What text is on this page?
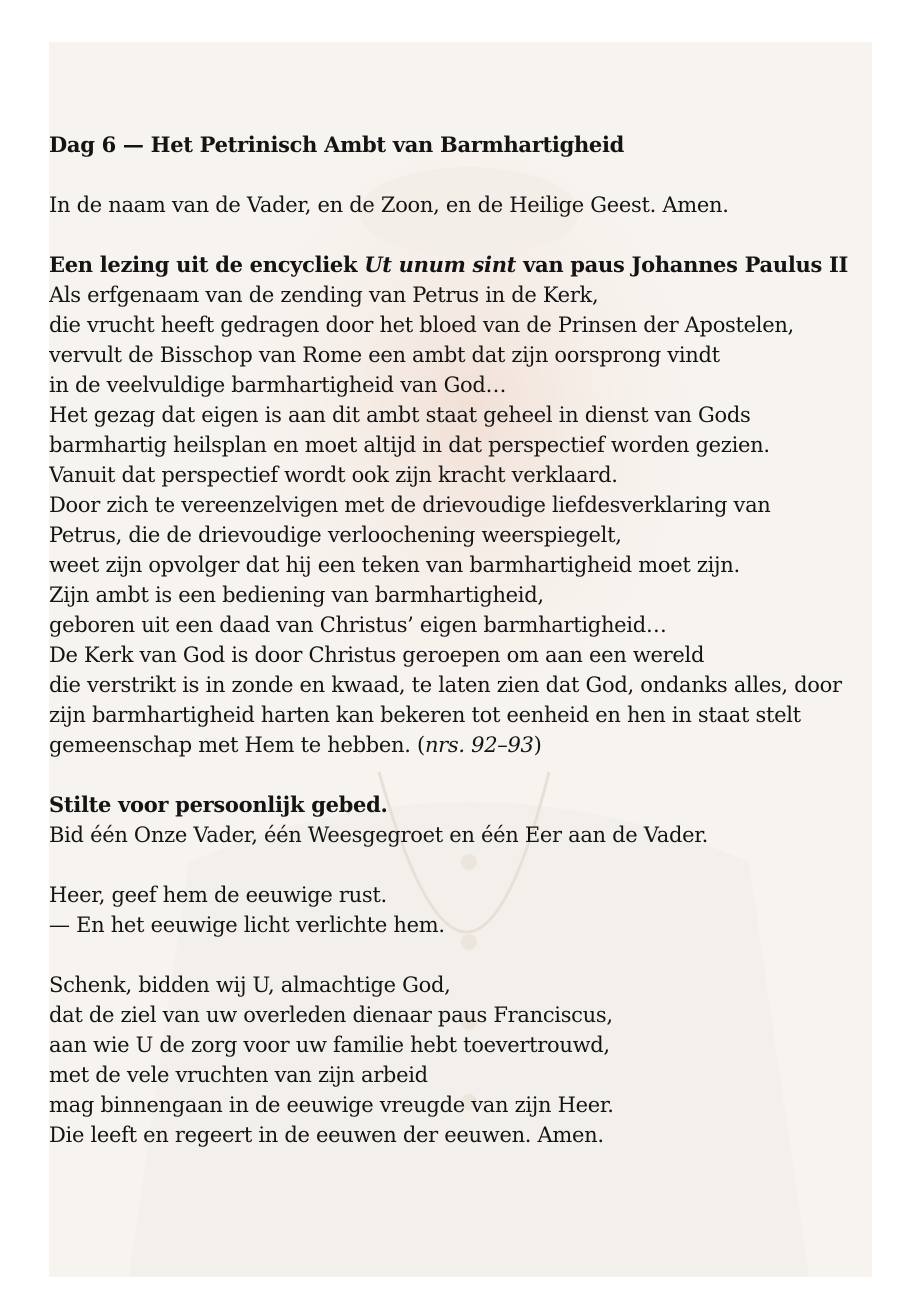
Dag 6 — Het Petrinisch Ambt van Barmhartigheid
In de naam van de Vader, en de Zoon, en de Heilige Geest. Amen.
Een lezing uit de encycliek Ut unum sint van paus Johannes Paulus II
Als erfgenaam van de zending van Petrus in de Kerk,
die vrucht heeft gedragen door het bloed van de Prinsen der Apostelen,
vervult de Bisschop van Rome een ambt dat zijn oorsprong vindt
in de veelvuldige barmhartigheid van God…
Het gezag dat eigen is aan dit ambt staat geheel in dienst van Gods
barmhartig heilsplan en moet altijd in dat perspectief worden gezien.
Vanuit dat perspectief wordt ook zijn kracht verklaard.
Door zich te vereenzelvigen met de drievoudige liefdesverklaring van
Petrus, die de drievoudige verloochening weerspiegelt,
weet zijn opvolger dat hij een teken van barmhartigheid moet zijn.
Zijn ambt is een bediening van barmhartigheid,
geboren uit een daad van Christus’ eigen barmhartigheid…
De Kerk van God is door Christus geroepen om aan een wereld
die verstrikt is in zonde en kwaad, te laten zien dat God, ondanks alles, door
zijn barmhartigheid harten kan bekeren tot eenheid en hen in staat stelt
gemeenschap met Hem te hebben. (nrs. 92–93)
Stilte voor persoonlijk gebed.
Bid één Onze Vader, één Weesgegroet en één Eer aan de Vader.
Heer, geef hem de eeuwige rust.
— En het eeuwige licht verlichte hem.
Schenk, bidden wij U, almachtige God,
dat de ziel van uw overleden dienaar paus Franciscus,
aan wie U de zorg voor uw familie hebt toevertrouwd,
met de vele vruchten van zijn arbeid
mag binnengaan in de eeuwige vreugde van zijn Heer.
Die leeft en regeert in de eeuwen der eeuwen. Amen.
